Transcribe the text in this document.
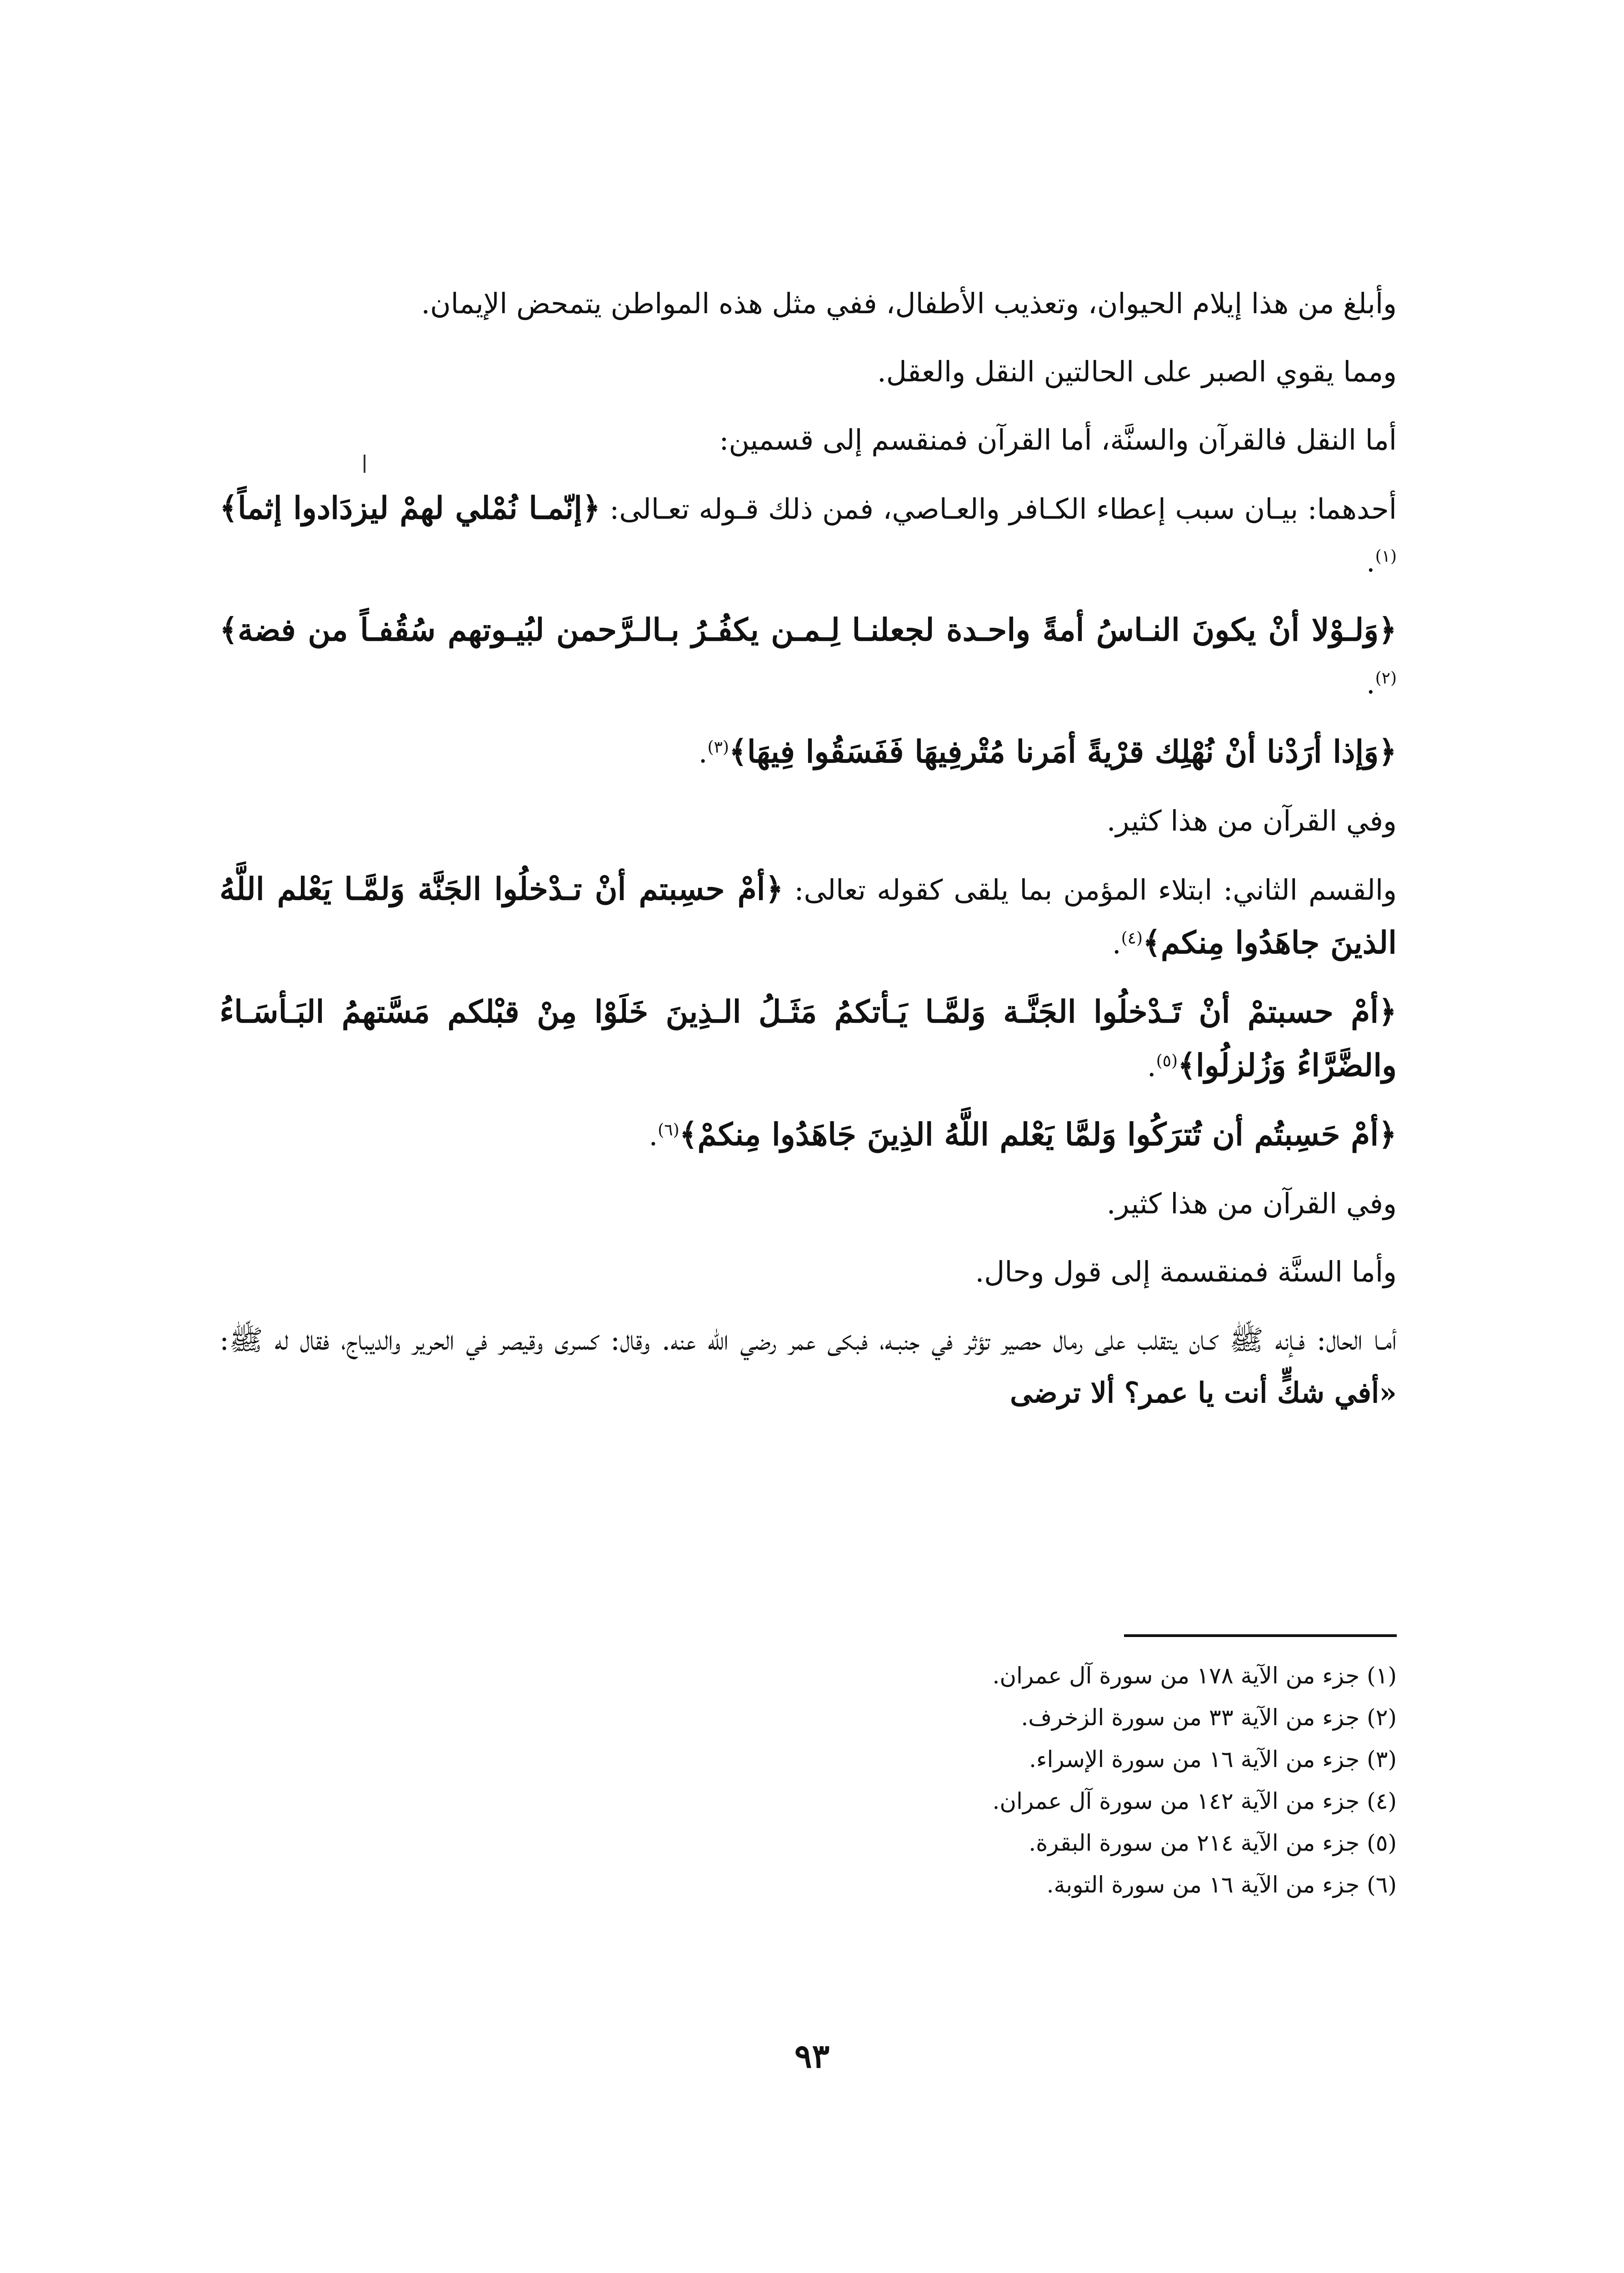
وأبلغ من هذا إيلام الحيوان، وتعذيب الأطفال، ففي مثل هذه المواطن يتمحض الإيمان.

ومما يقوي الصبر على الحالتين النقل والعقل.

أما النقل فالقرآن والسنَّة، أما القرآن فمنقسم إلى قسمين:

أحدهما: بيـان سبب إعطاء الكـافر والعـاصي، فمن ذلك قـوله تعـالى: ﴿إنّمـا نُمْلي لهمْ ليزدَادوا إثماً﴾$^{(١)}$.

﴿وَلـوْلا أنْ يكونَ النـاسُ أمةً واحـدة لجعلنـا لِـمـن يكفُـرُ بـالـرَّحمن لبُيـوتهم سُقُفـاً من فضة﴾$^{(٢)}$.

﴿وَإذا أرَدْنا أنْ نُهْلِك قرْيةً أمَرنا مُتْرفِيهَا فَفَسَقُوا فِيهَا﴾$^{(٣)}$.

وفي القرآن من هذا كثير.

والقسم الثاني: ابتلاء المؤمن بما يلقى كقوله تعالى: ﴿أمْ حسِبتم أنْ تـدْخلُوا الجَنَّة وَلمَّـا يَعْلم اللَّهُ الذينَ جاهَدُوا مِنكم﴾$^{(٤)}$.

﴿أمْ حسبتمْ أنْ تَـدْخلُوا الجَنَّـة وَلمَّـا يَـأتكمُ مَثَـلُ الـذِينَ خَلَوْا مِنْ قبْلكم مَسَّتهمُ البَـأسَـاءُ والضَّرَّاءُ وَزُلزلُوا﴾$^{(٥)}$.

﴿أمْ حَسِبتُم أن تُترَكُوا وَلمَّا يَعْلم اللَّهُ الذِينَ جَاهَدُوا مِنكمْ﴾$^{(٦)}$.

وفي القرآن من هذا كثير.

وأما السنَّة فمنقسمة إلى قول وحال.

أمـا الحال: فـإنه ﷺ كـان يتقلب على رمال حصير تؤثر في جنبـه، فبكى عمر رضي الله عنه. وقال: كسرى وقيصر في الحرير والديباج، فقال له ﷺ: «أفي شكٍّ أنت يا عمر؟ ألا ترضى

(١) جزء من الآية ١٧٨ من سورة آل عمران.

(٢) جزء من الآية ٣٣ من سورة الزخرف.

(٣) جزء من الآية ١٦ من سورة الإسراء.

(٤) جزء من الآية ١٤٢ من سورة آل عمران.

(٥) جزء من الآية ٢١٤ من سورة البقرة.

(٦) جزء من الآية ١٦ من سورة التوبة.

٩٣
